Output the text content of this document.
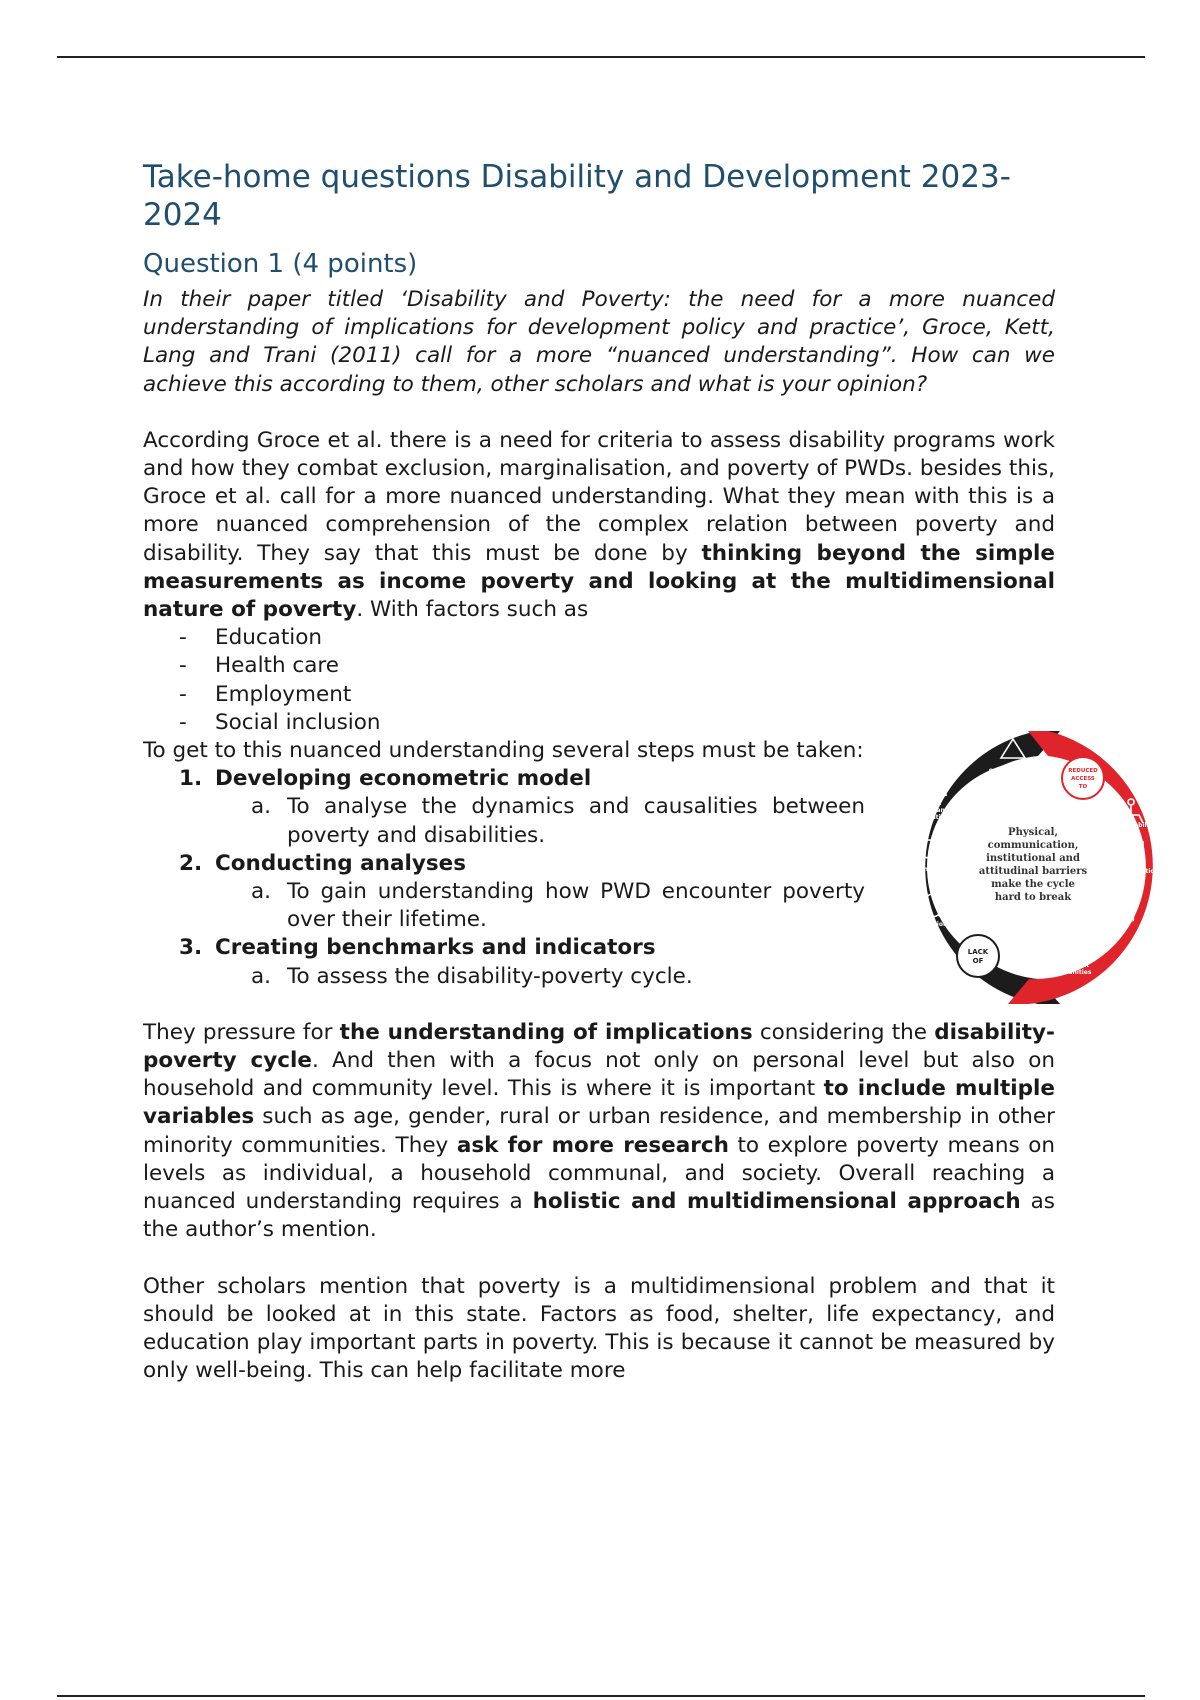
Take-home questions Disability and Development 2023-2024
Question 1 (4 points)

In their paper titled ‘Disability and Poverty: the need for a more nuanced understanding of implications for development policy and practice’, Groce, Kett, Lang and Trani (2011) call for a more “nuanced understanding”. How can we achieve this according to them, other scholars and what is your opinion?

According Groce et al. there is a need for criteria to assess disability programs work and how they combat exclusion, marginalisation, and poverty of PWDs. besides this, Groce et al. call for a more nuanced understanding. What they mean with this is a more nuanced comprehension of the complex relation between poverty and disability. They say that this must be done by thinking beyond the simple measurements as income poverty and looking at the multidimensional nature of poverty. With factors such as

- Education
- Health care
- Employment
- Social inclusion

To get to this nuanced understanding several steps must be taken:

1. Developing econometric model
a. To analyse the dynamics and causalities between poverty and disabilities.
2. Conducting analyses
a. To gain understanding how PWD encounter poverty over their lifetime.
3. Creating benchmarks and indicators
a. To assess the disability-poverty cycle.
Physical,
communication,
institutional and
attitudinal barriers
make the cycle
hard to break
REDUCED
ACCESS
TO
LACK
OF
Safe working
conditions
Clean
water and
sanitation
Healthcare
Nutrition
abc
Rehabilitation
Education
Skills
Training
Employment
Opportunities

They pressure for the understanding of implications considering the disability-poverty cycle. And then with a focus not only on personal level but also on household and community level. This is where it is important to include multiple variables such as age, gender, rural or urban residence, and membership in other minority communities. They ask for more research to explore poverty means on levels as individual, a household communal, and society. Overall reaching a nuanced understanding requires a holistic and multidimensional approach as the author’s mention.

Other scholars mention that poverty is a multidimensional problem and that it should be looked at in this state. Factors as food, shelter, life expectancy, and education play important parts in poverty. This is because it cannot be measured by only well-being. This can help facilitate more
